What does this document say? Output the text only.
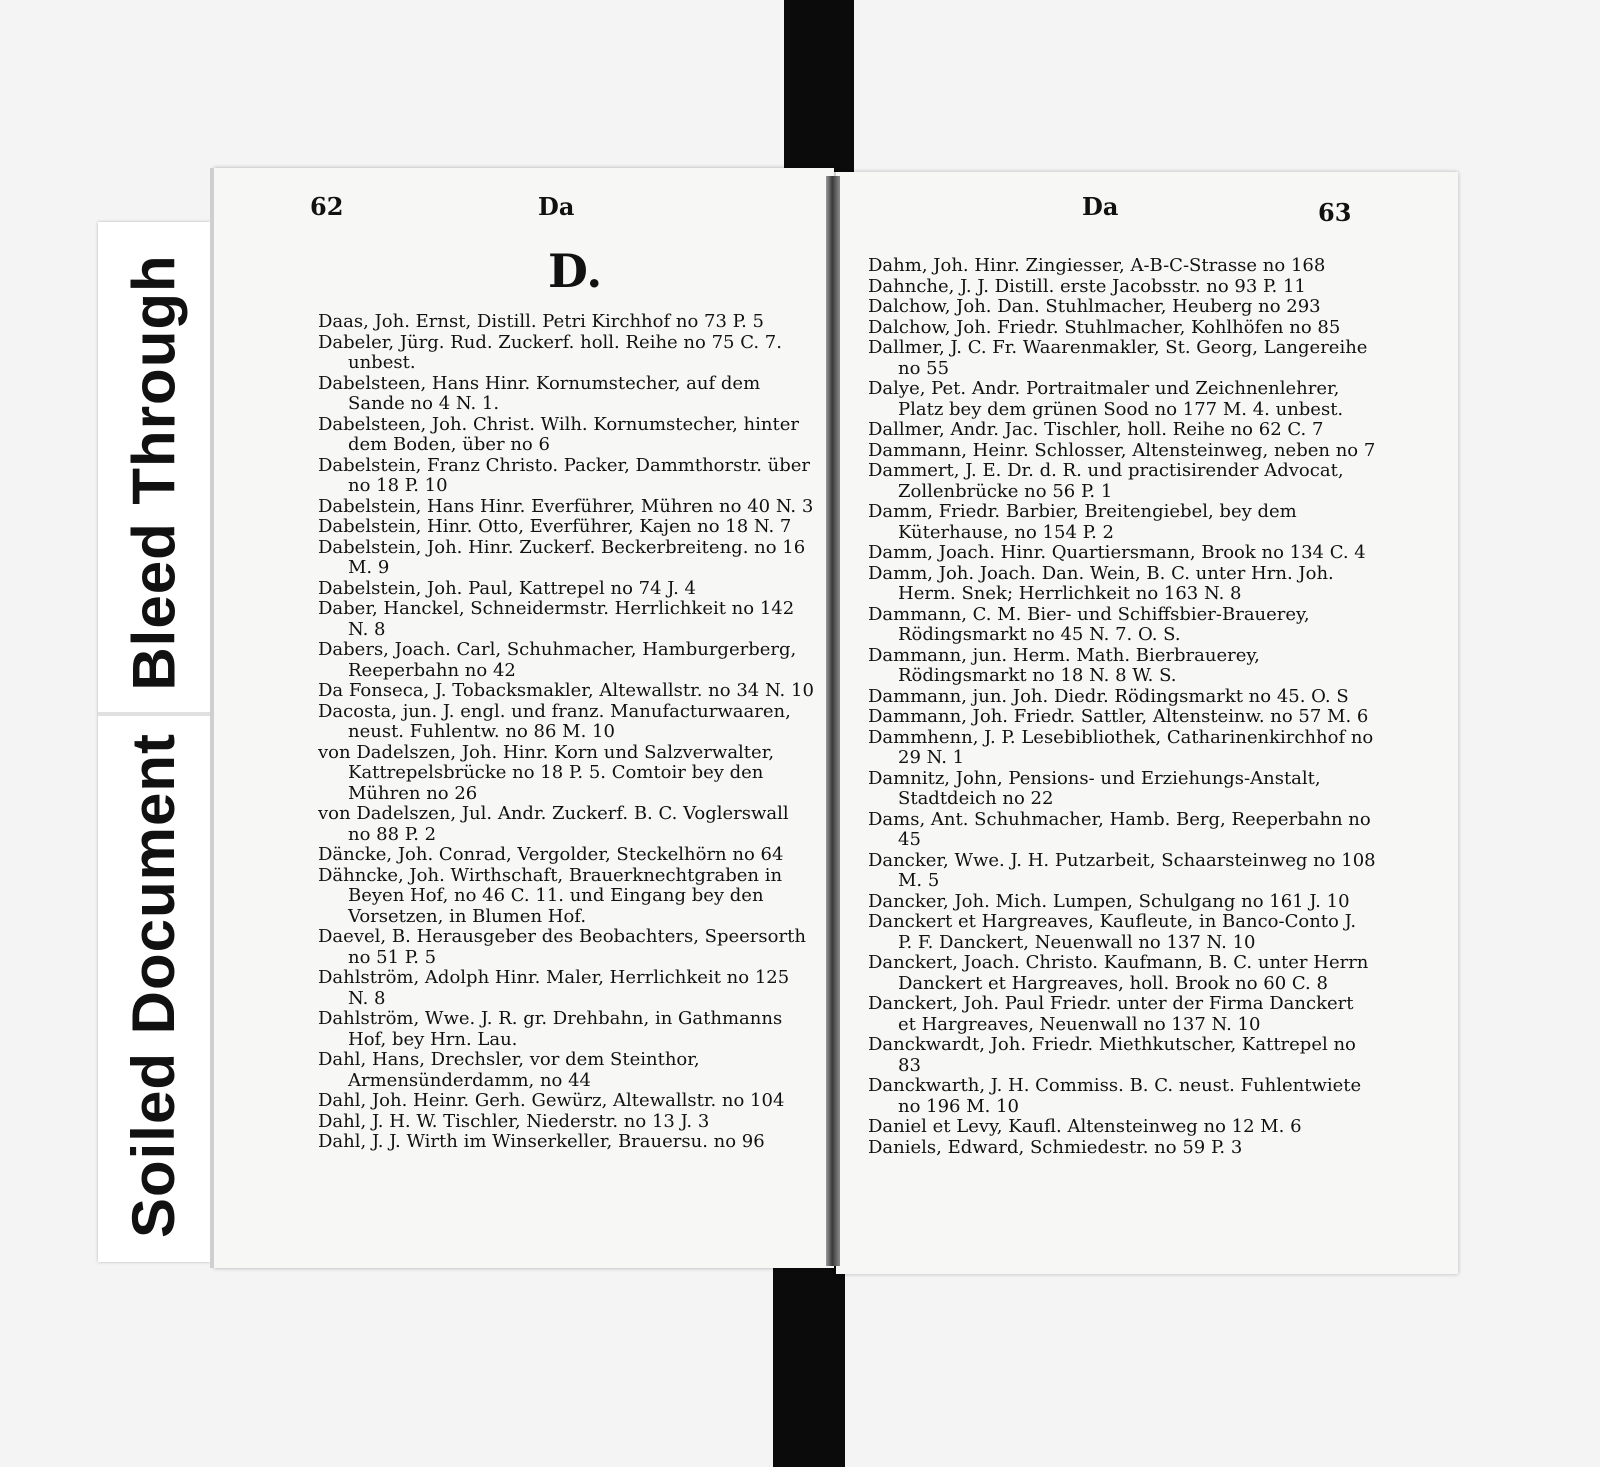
Bleed Through
Soiled Document
62	Da
D.
Da	63
Daas, Joh. Ernst, Distill. Petri Kirchhof no 73 P. 5
Dabeler, Jürg. Rud. Zuckerf. holl. Reihe no 75 C. 7. unbest.
Dabelsteen, Hans Hinr. Kornumstecher, auf dem Sande no 4 N. 1.
Dabelsteen, Joh. Christ. Wilh. Kornumstecher, hinter dem Boden, über no 6
Dabelstein, Franz Christo. Packer, Dammthorstr. über no 18 P. 10
Dabelstein, Hans Hinr. Everführer, Mühren no 40 N. 3
Dabelstein, Hinr. Otto, Everführer, Kajen no 18 N. 7
Dabelstein, Joh. Hinr. Zuckerf. Beckerbreiteng. no 16 M. 9
Dabelstein, Joh. Paul, Kattrepel no 74 J. 4
Daber, Hanckel, Schneidermstr. Herrlichkeit no 142 N. 8
Dabers, Joach. Carl, Schuhmacher, Hamburgerberg, Reeperbahn no 42
Da Fonseca, J. Tobacksmakler, Altewallstr. no 34 N. 10
Dacosta, jun. J. engl. und franz. Manufacturwaaren, neust. Fuhlentw. no 86 M. 10
von Dadelszen, Joh. Hinr. Korn und Salzverwalter, Kattrepelsbrücke no 18 P. 5. Comtoir bey den Mühren no 26
von Dadelszen, Jul. Andr. Zuckerf. B. C. Voglerswall no 88 P. 2
Däncke, Joh. Conrad, Vergolder, Steckelhörn no 64
Dähncke, Joh. Wirthschaft, Brauerknechtgraben in Beyen Hof, no 46 C. 11. und Eingang bey den Vorsetzen, in Blumen Hof.
Daevel, B. Herausgeber des Beobachters, Speersorth no 51 P. 5
Dahlström, Adolph Hinr. Maler, Herrlichkeit no 125 N. 8
Dahlström, Wwe. J. R. gr. Drehbahn, in Gathmanns Hof, bey Hrn. Lau.
Dahl, Hans, Drechsler, vor dem Steinthor, Armensünderdamm, no 44
Dahl, Joh. Heinr. Gerh. Gewürz, Altewallstr. no 104
Dahl, J. H. W. Tischler, Niederstr. no 13 J. 3
Dahl, J. J. Wirth im Winserkeller, Brauersu. no 96
Dahm, Joh. Hinr. Zingiesser, A-B-C-Strasse no 168
Dahnche, J. J. Distill. erste Jacobsstr. no 93 P. 11
Dalchow, Joh. Dan. Stuhlmacher, Heuberg no 293
Dalchow, Joh. Friedr. Stuhlmacher, Kohlhöfen no 85
Dallmer, J. C. Fr. Waarenmakler, St. Georg, Langereihe no 55
Dalye, Pet. Andr. Portraitmaler und Zeichnenlehrer, Platz bey dem grünen Sood no 177 M. 4. unbest.
Dallmer, Andr. Jac. Tischler, holl. Reihe no 62 C. 7
Dammann, Heinr. Schlosser, Altensteinweg, neben no 7
Dammert, J. E. Dr. d. R. und practisirender Advocat, Zollenbrücke no 56 P. 1
Damm, Friedr. Barbier, Breitengiebel, bey dem Küterhause, no 154 P. 2
Damm, Joach. Hinr. Quartiersmann, Brook no 134 C. 4
Damm, Joh. Joach. Dan. Wein, B. C. unter Hrn. Joh. Herm. Snek; Herrlichkeit no 163 N. 8
Dammann, C. M. Bier- und Schiffsbier-Brauerey, Rödingsmarkt no 45 N. 7. O. S.
Dammann, jun. Herm. Math. Bierbrauerey, Rödingsmarkt no 18 N. 8 W. S.
Dammann, jun. Joh. Diedr. Rödingsmarkt no 45. O. S
Dammann, Joh. Friedr. Sattler, Altensteinw. no 57 M. 6
Dammhenn, J. P. Lesebibliothek, Catharinenkirchhof no 29 N. 1
Damnitz, John, Pensions- und Erziehungs-Anstalt, Stadtdeich no 22
Dams, Ant. Schuhmacher, Hamb. Berg, Reeperbahn no 45
Dancker, Wwe. J. H. Putzarbeit, Schaarsteinweg no 108 M. 5
Dancker, Joh. Mich. Lumpen, Schulgang no 161 J. 10
Danckert et Hargreaves, Kaufleute, in Banco-Conto J. P. F. Danckert, Neuenwall no 137 N. 10
Danckert, Joach. Christo. Kaufmann, B. C. unter Herrn Danckert et Hargreaves, holl. Brook no 60 C. 8
Danckert, Joh. Paul Friedr. unter der Firma Danckert et Hargreaves, Neuenwall no 137 N. 10
Danckwardt, Joh. Friedr. Miethkutscher, Kattrepel no 83
Danckwarth, J. H. Commiss. B. C. neust. Fuhlentwiete no 196 M. 10
Daniel et Levy, Kaufl. Altensteinweg no 12 M. 6
Daniels, Edward, Schmiedestr. no 59 P. 3
